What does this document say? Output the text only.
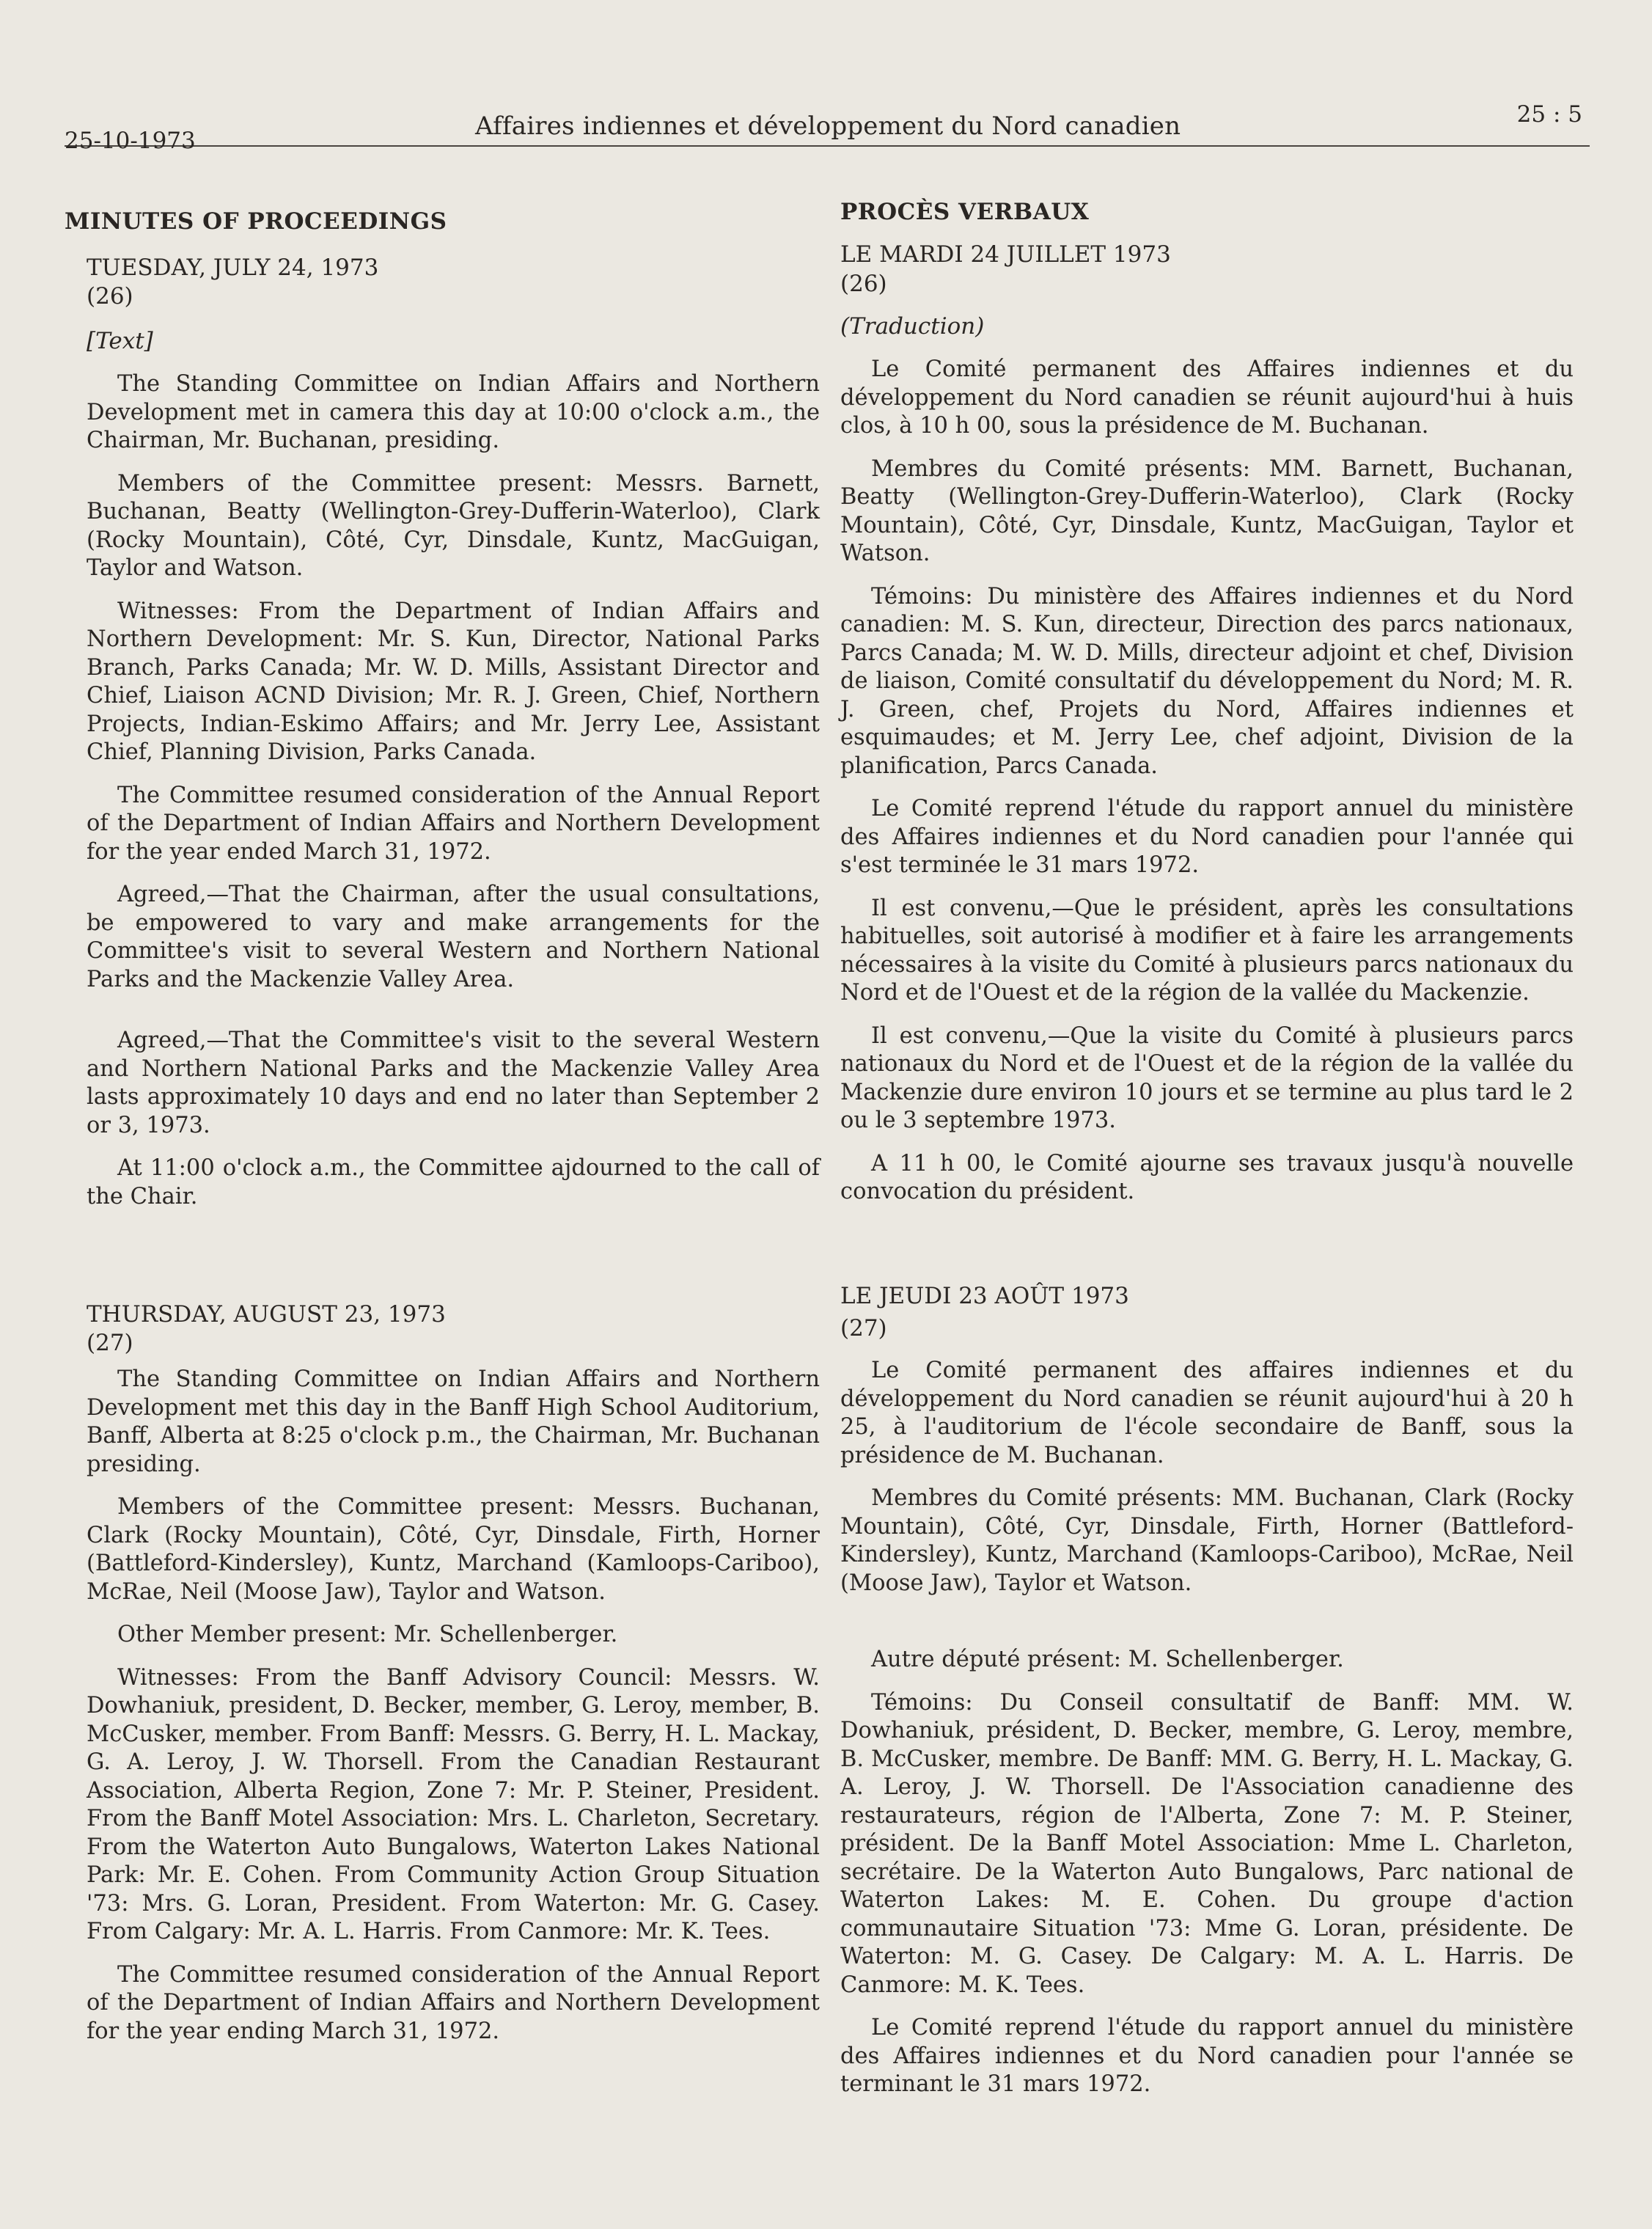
25-10-1973	Affaires indiennes et développement du Nord canadien	25 : 5
MINUTES OF PROCEEDINGS
TUESDAY, JULY 24, 1973
(26)
[Text]

The Standing Committee on Indian Affairs and Northern Development met in camera this day at 10:00 o'clock a.m., the Chairman, Mr. Buchanan, presiding.

Members of the Committee present: Messrs. Barnett, Buchanan, Beatty (Wellington-Grey-Dufferin-Waterloo), Clark (Rocky Mountain), Côté, Cyr, Dinsdale, Kuntz, MacGuigan, Taylor and Watson.

Witnesses: From the Department of Indian Affairs and Northern Development: Mr. S. Kun, Director, National Parks Branch, Parks Canada; Mr. W. D. Mills, Assistant Director and Chief, Liaison ACND Division; Mr. R. J. Green, Chief, Northern Projects, Indian-Eskimo Affairs; and Mr. Jerry Lee, Assistant Chief, Planning Division, Parks Canada.

The Committee resumed consideration of the Annual Report of the Department of Indian Affairs and Northern Development for the year ended March 31, 1972.

Agreed,—That the Chairman, after the usual consultations, be empowered to vary and make arrangements for the Committee's visit to several Western and Northern National Parks and the Mackenzie Valley Area.

Agreed,—That the Committee's visit to the several Western and Northern National Parks and the Mackenzie Valley Area lasts approximately 10 days and end no later than September 2 or 3, 1973.

At 11:00 o'clock a.m., the Committee ajdourned to the call of the Chair.

THURSDAY, AUGUST 23, 1973
(27)

The Standing Committee on Indian Affairs and Northern Development met this day in the Banff High School Auditorium, Banff, Alberta at 8:25 o'clock p.m., the Chairman, Mr. Buchanan presiding.

Members of the Committee present: Messrs. Buchanan, Clark (Rocky Mountain), Côté, Cyr, Dinsdale, Firth, Horner (Battleford-Kindersley), Kuntz, Marchand (Kamloops-Cariboo), McRae, Neil (Moose Jaw), Taylor and Watson.

Other Member present: Mr. Schellenberger.

Witnesses: From the Banff Advisory Council: Messrs. W. Dowhaniuk, president, D. Becker, member, G. Leroy, member, B. McCusker, member. From Banff: Messrs. G. Berry, H. L. Mackay, G. A. Leroy, J. W. Thorsell. From the Canadian Restaurant Association, Alberta Region, Zone 7: Mr. P. Steiner, President. From the Banff Motel Association: Mrs. L. Charleton, Secretary. From the Waterton Auto Bungalows, Waterton Lakes National Park: Mr. E. Cohen. From Community Action Group Situation '73: Mrs. G. Loran, President. From Waterton: Mr. G. Casey. From Calgary: Mr. A. L. Harris. From Canmore: Mr. K. Tees.

The Committee resumed consideration of the Annual Report of the Department of Indian Affairs and Northern Development for the year ending March 31, 1972.

PROCÈS VERBAUX
LE MARDI 24 JUILLET 1973
(26)
(Traduction)

Le Comité permanent des Affaires indiennes et du développement du Nord canadien se réunit aujourd'hui à huis clos, à 10 h 00, sous la présidence de M. Buchanan.

Membres du Comité présents: MM. Barnett, Buchanan, Beatty (Wellington-Grey-Dufferin-Waterloo), Clark (Rocky Mountain), Côté, Cyr, Dinsdale, Kuntz, MacGuigan, Taylor et Watson.

Témoins: Du ministère des Affaires indiennes et du Nord canadien: M. S. Kun, directeur, Direction des parcs nationaux, Parcs Canada; M. W. D. Mills, directeur adjoint et chef, Division de liaison, Comité consultatif du développement du Nord; M. R. J. Green, chef, Projets du Nord, Affaires indiennes et esquimaudes; et M. Jerry Lee, chef adjoint, Division de la planification, Parcs Canada.

Le Comité reprend l'étude du rapport annuel du ministère des Affaires indiennes et du Nord canadien pour l'année qui s'est terminée le 31 mars 1972.

Il est convenu,—Que le président, après les consultations habituelles, soit autorisé à modifier et à faire les arrangements nécessaires à la visite du Comité à plusieurs parcs nationaux du Nord et de l'Ouest et de la région de la vallée du Mackenzie.

Il est convenu,—Que la visite du Comité à plusieurs parcs nationaux du Nord et de l'Ouest et de la région de la vallée du Mackenzie dure environ 10 jours et se termine au plus tard le 2 ou le 3 septembre 1973.

A 11 h 00, le Comité ajourne ses travaux jusqu'à nouvelle convocation du président.

LE JEUDI 23 AOÛT 1973
(27)

Le Comité permanent des affaires indiennes et du développement du Nord canadien se réunit aujourd'hui à 20 h 25, à l'auditorium de l'école secondaire de Banff, sous la présidence de M. Buchanan.

Membres du Comité présents: MM. Buchanan, Clark (Rocky Mountain), Côté, Cyr, Dinsdale, Firth, Horner (Battleford-Kindersley), Kuntz, Marchand (Kamloops-Cariboo), McRae, Neil (Moose Jaw), Taylor et Watson.

Autre député présent: M. Schellenberger.

Témoins: Du Conseil consultatif de Banff: MM. W. Dowhaniuk, président, D. Becker, membre, G. Leroy, membre, B. McCusker, membre. De Banff: MM. G. Berry, H. L. Mackay, G. A. Leroy, J. W. Thorsell. De l'Association canadienne des restaurateurs, région de l'Alberta, Zone 7: M. P. Steiner, président. De la Banff Motel Association: Mme L. Charleton, secrétaire. De la Waterton Auto Bungalows, Parc national de Waterton Lakes: M. E. Cohen. Du groupe d'action communautaire Situation '73: Mme G. Loran, présidente. De Waterton: M. G. Casey. De Calgary: M. A. L. Harris. De Canmore: M. K. Tees.

Le Comité reprend l'étude du rapport annuel du ministère des Affaires indiennes et du Nord canadien pour l'année se terminant le 31 mars 1972.
